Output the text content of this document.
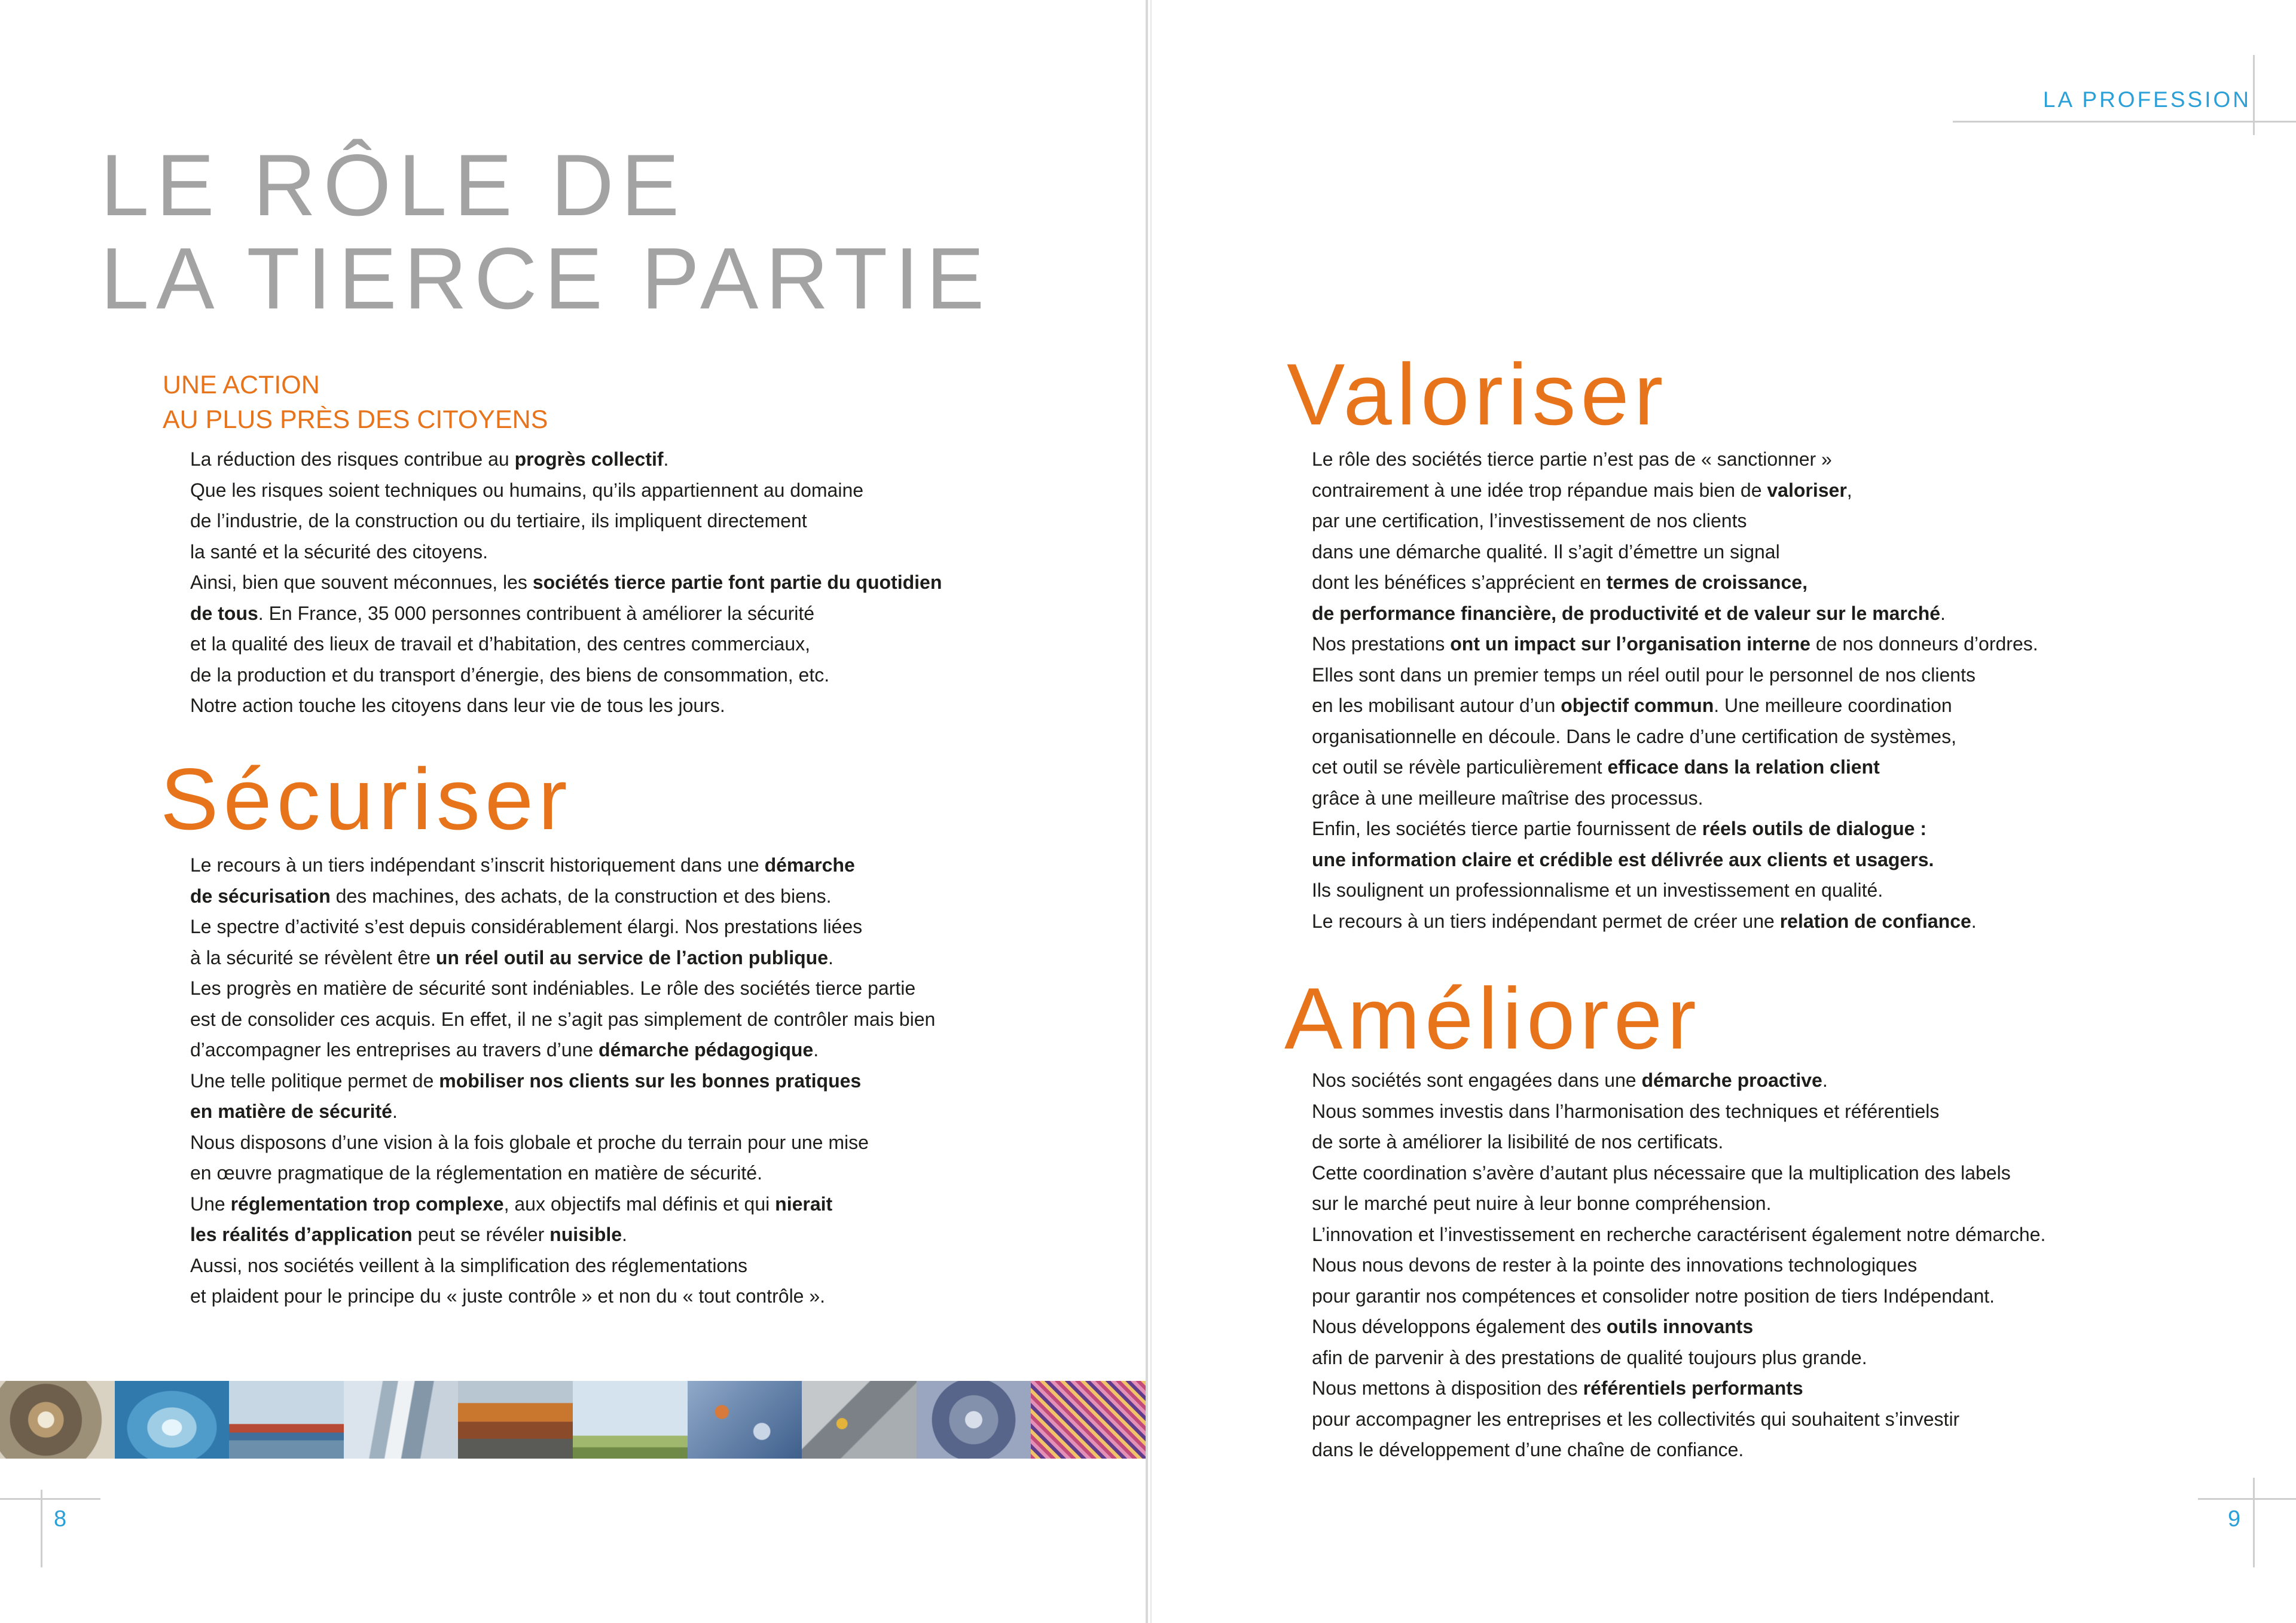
LE RÔLE DE
LA TIERCE PARTIE
UNE ACTION
AU PLUS PRÈS DES CITOYENS
La réduction des risques contribue au progrès collectif.
Que les risques soient techniques ou humains, qu’ils appartiennent au domaine
de l’industrie, de la construction ou du tertiaire, ils impliquent directement
la santé et la sécurité des citoyens.
Ainsi, bien que souvent méconnues, les sociétés tierce partie font partie du quotidien
de tous. En France, 35 000 personnes contribuent à améliorer la sécurité
et la qualité des lieux de travail et d’habitation, des centres commerciaux,
de la production et du transport d’énergie, des biens de consommation, etc.
Notre action touche les citoyens dans leur vie de tous les jours.
Sécuriser
Le recours à un tiers indépendant s’inscrit historiquement dans une démarche
de sécurisation des machines, des achats, de la construction et des biens.
Le spectre d’activité s’est depuis considérablement élargi. Nos prestations liées
à la sécurité se révèlent être un réel outil au service de l’action publique.
Les progrès en matière de sécurité sont indéniables. Le rôle des sociétés tierce partie
est de consolider ces acquis. En effet, il ne s’agit pas simplement de contrôler mais bien
d’accompagner les entreprises au travers d’une démarche pédagogique.
Une telle politique permet de mobiliser nos clients sur les bonnes pratiques
en matière de sécurité.
Nous disposons d’une vision à la fois globale et proche du terrain pour une mise
en œuvre pragmatique de la réglementation en matière de sécurité.
Une réglementation trop complexe, aux objectifs mal définis et qui nierait
les réalités d’application peut se révéler nuisible.
Aussi, nos sociétés veillent à la simplification des réglementations
et plaident pour le principe du « juste contrôle » et non du « tout contrôle ».

8

LA PROFESSION

Valoriser
Le rôle des sociétés tierce partie n’est pas de « sanctionner »
contrairement à une idée trop répandue mais bien de valoriser,
par une certification, l’investissement de nos clients
dans une démarche qualité. Il s’agit d’émettre un signal
dont les bénéfices s’apprécient en termes de croissance,
de performance financière, de productivité et de valeur sur le marché.
Nos prestations ont un impact sur l’organisation interne de nos donneurs d’ordres.
Elles sont dans un premier temps un réel outil pour le personnel de nos clients
en les mobilisant autour d’un objectif commun. Une meilleure coordination
organisationnelle en découle. Dans le cadre d’une certification de systèmes,
cet outil se révèle particulièrement efficace dans la relation client
grâce à une meilleure maîtrise des processus.
Enfin, les sociétés tierce partie fournissent de réels outils de dialogue :
une information claire et crédible est délivrée aux clients et usagers.
Ils soulignent un professionnalisme et un investissement en qualité.
Le recours à un tiers indépendant permet de créer une relation de confiance.
Améliorer
Nos sociétés sont engagées dans une démarche proactive.
Nous sommes investis dans l’harmonisation des techniques et référentiels
de sorte à améliorer la lisibilité de nos certificats.
Cette coordination s’avère d’autant plus nécessaire que la multiplication des labels
sur le marché peut nuire à leur bonne compréhension.
L’innovation et l’investissement en recherche caractérisent également notre démarche.
Nous nous devons de rester à la pointe des innovations technologiques
pour garantir nos compétences et consolider notre position de tiers Indépendant.
Nous développons également des outils innovants
afin de parvenir à des prestations de qualité toujours plus grande.
Nous mettons à disposition des référentiels performants
pour accompagner les entreprises et les collectivités qui souhaitent s’investir
dans le développement d’une chaîne de confiance.

9
